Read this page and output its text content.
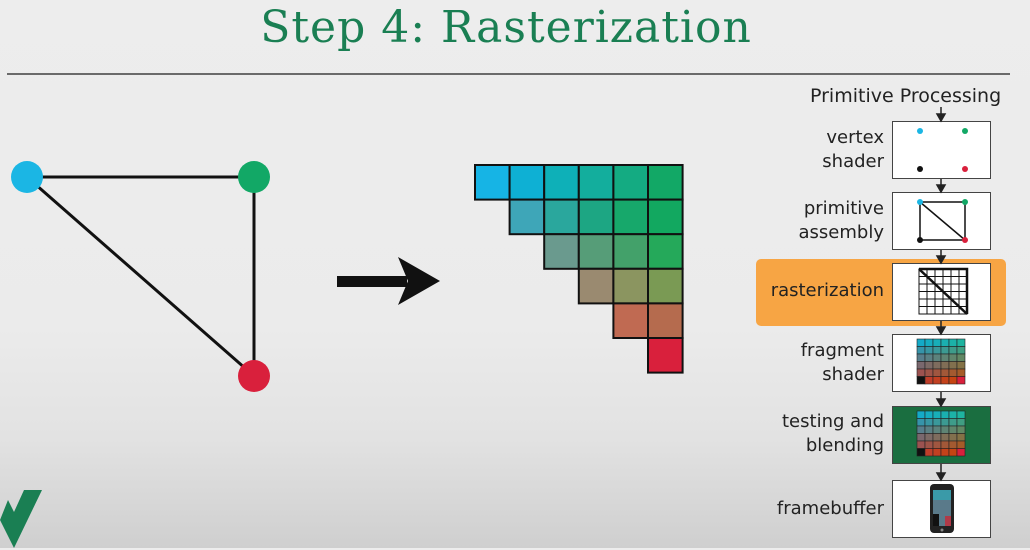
Step 4: Rasterization
Primitive Processing
vertex
shader
primitive
assembly
rasterization
fragment
shader
testing and
blending
framebuffer
